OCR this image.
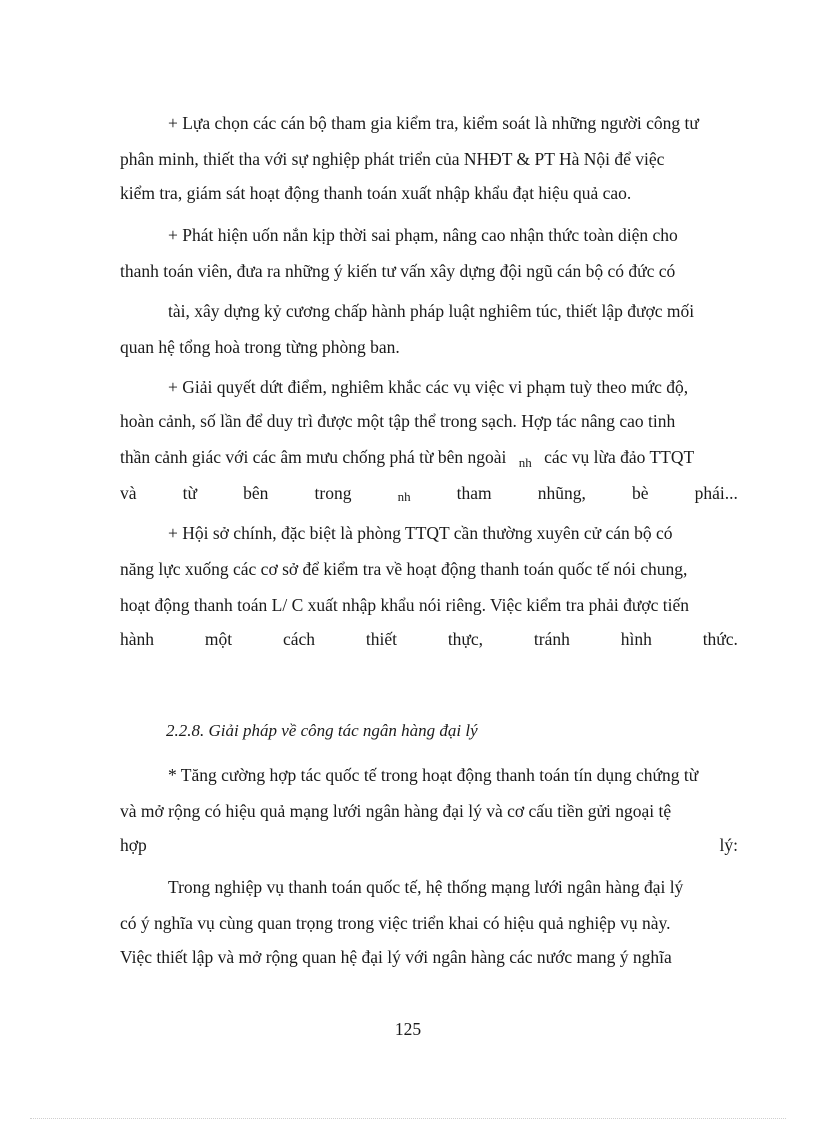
+ Lựa chọn các cán bộ tham gia kiểm tra, kiểm soát là những người công tư
phân minh, thiết tha với sự nghiệp phát triển của NHĐT & PT Hà Nội để việc
kiểm tra, giám sát hoạt động thanh toán xuất nhập khẩu đạt hiệu quả cao.
+ Phát hiện uốn nắn kịp thời sai phạm, nâng cao nhận thức toàn diện cho
thanh toán viên, đưa ra những ý kiến tư vấn xây dựng đội ngũ cán bộ có đức có
tài, xây dựng kỷ cương chấp hành pháp luật nghiêm túc, thiết lập được mối
quan hệ tổng hoà trong từng phòng ban.
+ Giải quyết dứt điểm, nghiêm khắc các vụ việc vi phạm tuỳ theo mức độ,
hoàn cảnh, số lần để duy trì được một tập thể trong sạch. Hợp tác nâng cao tinh
thần cảnh giác với các âm mưu chống phá từ bên ngoài $_{nh}$ các vụ lừa đảo TTQT
và	từ	bên	trong	nh	tham	nhũng,	bè	phái...
+ Hội sở chính, đặc biệt là phòng TTQT cần thường xuyên cử cán bộ có
năng lực xuống các cơ sở để kiểm tra về hoạt động thanh toán quốc tế nói chung,
hoạt động thanh toán L/ C xuất nhập khẩu nói riêng. Việc kiểm tra phải được tiến
hành	một	cách	thiết	thực,	tránh	hình	thức.
2.2.8. Giải pháp về công tác ngân hàng đại lý
* Tăng cường hợp tác quốc tế trong hoạt động thanh toán tín dụng chứng từ
và mở rộng có hiệu quả mạng lưới ngân hàng đại lý và cơ cấu tiền gửi ngoại tệ
hợp	lý:
Trong nghiệp vụ thanh toán quốc tế, hệ thống mạng lưới ngân hàng đại lý
có ý nghĩa vụ cùng quan trọng trong việc triển khai có hiệu quả nghiệp vụ này.
Việc thiết lập và mở rộng quan hệ đại lý với ngân hàng các nước mang ý nghĩa
125
